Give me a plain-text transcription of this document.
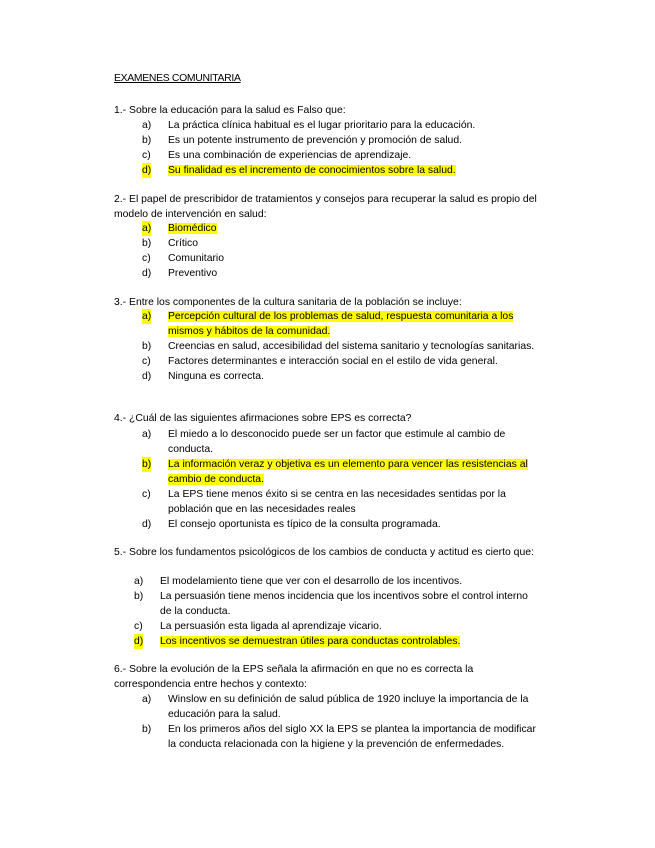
EXAMENES COMUNITARIA
1.- Sobre la educación para la salud es Falso que:
a) La práctica clínica habitual es el lugar prioritario para la educación.
b) Es un potente instrumento de prevención y promoción de salud.
c) Es una combinación de experiencias de aprendizaje.
d) Su finalidad es el incremento de conocimientos sobre la salud.
2.- El papel de prescribidor de tratamientos y consejos para recuperar la salud es propio del modelo de intervención en salud:
a) Biomédico
b) Crítico
c) Comunitario
d) Preventivo
3.- Entre los componentes de la cultura sanitaria de la población se incluye:
a) Percepción cultural de los problemas de salud, respuesta comunitaria a los mismos y hábitos de la comunidad.
b) Creencias en salud, accesibilidad del sistema sanitario y tecnologías sanitarias.
c) Factores determinantes e interacción social en el estilo de vida general.
d) Ninguna es correcta.
4.- ¿Cuál de las siguientes afirmaciones sobre EPS es correcta?
a) El miedo a lo desconocido puede ser un factor que estimule al cambio de conducta.
b) La información veraz y objetiva es un elemento para vencer las resistencias al cambio de conducta.
c) La EPS tiene menos éxito si se centra en las necesidades sentidas por la población que en las necesidades reales
d) El consejo oportunista es típico de la consulta programada.
5.- Sobre los fundamentos psicológicos de los cambios de conducta y actitud es cierto que:
a) El modelamiento tiene que ver con el desarrollo de los incentivos.
b) La persuasión tiene menos incidencia que los incentivos sobre el control interno de la conducta.
c) La persuasión esta ligada al aprendizaje vicario.
d) Los incentivos se demuestran útiles para conductas controlables.
6.- Sobre la evolución de la EPS señala la afirmación en que no es correcta la correspondencia entre hechos y contexto:
a) Winslow en su definición de salud pública de 1920 incluye la importancia de la educación para la salud.
b) En los primeros años del siglo XX la EPS se plantea la importancia de modificar la conducta relacionada con la higiene y la prevención de enfermedades.
